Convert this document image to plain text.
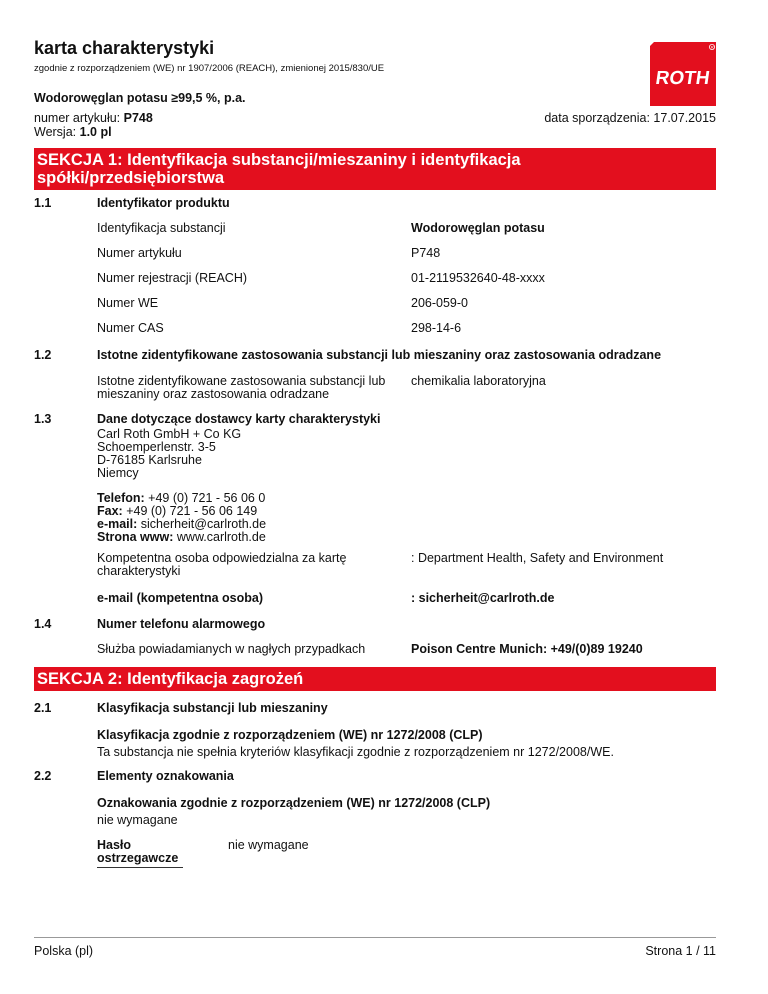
karta charakterystyki
zgodnie z rozporządzeniem (WE) nr 1907/2006 (REACH), zmienionej 2015/830/UE
R
ROTH
Wodorowęglan potasu ≥99,5 %, p.a.
numer artykułu: P748
Wersja: 1.0 pl
data sporządzenia: 17.07.2015
SEKCJA 1: Identyfikacja substancji/mieszaniny i identyfikacja
spółki/przedsiębiorstwa
1.1	Identyfikator produktu
Identyfikacja substancji	Wodorowęglan potasu
Numer artykułu	P748
Numer rejestracji (REACH)	01-2119532640-48-xxxx
Numer WE	206-059-0
Numer CAS	298-14-6
1.2	Istotne zidentyfikowane zastosowania substancji lub mieszaniny oraz zastosowania odradzane
Istotne zidentyfikowane zastosowania substancji lub
mieszaniny oraz zastosowania odradzane
chemikalia laboratoryjna
1.3	Dane dotyczące dostawcy karty charakterystyki
Carl Roth GmbH + Co KG
Schoemperlenstr. 3-5
D-76185 Karlsruhe
Niemcy
Telefon: +49 (0) 721 - 56 06 0
Fax: +49 (0) 721 - 56 06 149
e-mail: sicherheit@carlroth.de
Strona www: www.carlroth.de
Kompetentna osoba odpowiedzialna za kartę
charakterystyki
: Department Health, Safety and Environment
e-mail (kompetentna osoba)	: sicherheit@carlroth.de
1.4	Numer telefonu alarmowego
Służba powiadamianych w nagłych przypadkach	Poison Centre Munich: +49/(0)89 19240
SEKCJA 2: Identyfikacja zagrożeń
2.1	Klasyfikacja substancji lub mieszaniny
Klasyfikacja zgodnie z rozporządzeniem (WE) nr 1272/2008 (CLP)
Ta substancja nie spełnia kryteriów klasyfikacji zgodnie z rozporządzeniem nr 1272/2008/WE.
2.2	Elementy oznakowania
Oznakowania zgodnie z rozporządzeniem (WE) nr 1272/2008 (CLP)
nie wymagane
Hasło
ostrzegawcze
nie wymagane
Polska (pl)	Strona 1 / 11
